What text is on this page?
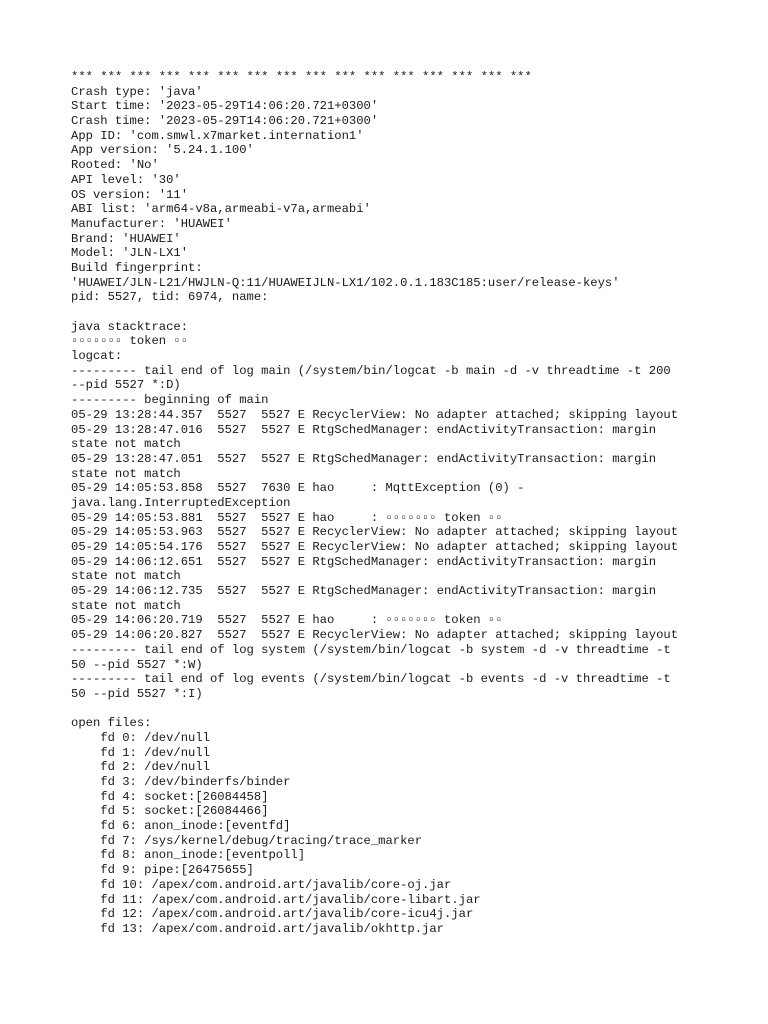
*** *** *** *** *** *** *** *** *** *** *** *** *** *** *** ***
Crash type: 'java'
Start time: '2023-05-29T14:06:20.721+0300'
Crash time: '2023-05-29T14:06:20.721+0300'
App ID: 'com.smwl.x7market.internation1'
App version: '5.24.1.100'
Rooted: 'No'
API level: '30'
OS version: '11'
ABI list: 'arm64-v8a,armeabi-v7a,armeabi'
Manufacturer: 'HUAWEI'
Brand: 'HUAWEI'
Model: 'JLN-LX1'
Build fingerprint:
'HUAWEI/JLN-L21/HWJLN-Q:11/HUAWEIJLN-LX1/102.0.1.183C185:user/release-keys'
pid: 5527, tid: 6974, name:
java stacktrace:
▫▫▫▫▫▫▫ token ▫▫
logcat:
--------- tail end of log main (/system/bin/logcat -b main -d -v threadtime -t 200
--pid 5527 *:D)
--------- beginning of main
05-29 13:28:44.357  5527  5527 E RecyclerView: No adapter attached; skipping layout
05-29 13:28:47.016  5527  5527 E RtgSchedManager: endActivityTransaction: margin
state not match
05-29 13:28:47.051  5527  5527 E RtgSchedManager: endActivityTransaction: margin
state not match
05-29 14:05:53.858  5527  7630 E hao     : MqttException (0) -
java.lang.InterruptedException
05-29 14:05:53.881  5527  5527 E hao     : ▫▫▫▫▫▫▫ token ▫▫
05-29 14:05:53.963  5527  5527 E RecyclerView: No adapter attached; skipping layout
05-29 14:05:54.176  5527  5527 E RecyclerView: No adapter attached; skipping layout
05-29 14:06:12.651  5527  5527 E RtgSchedManager: endActivityTransaction: margin
state not match
05-29 14:06:12.735  5527  5527 E RtgSchedManager: endActivityTransaction: margin
state not match
05-29 14:06:20.719  5527  5527 E hao     : ▫▫▫▫▫▫▫ token ▫▫
05-29 14:06:20.827  5527  5527 E RecyclerView: No adapter attached; skipping layout
--------- tail end of log system (/system/bin/logcat -b system -d -v threadtime -t
50 --pid 5527 *:W)
--------- tail end of log events (/system/bin/logcat -b events -d -v threadtime -t
50 --pid 5527 *:I)
open files:
fd 0: /dev/null
fd 1: /dev/null
fd 2: /dev/null
fd 3: /dev/binderfs/binder
fd 4: socket:[26084458]
fd 5: socket:[26084466]
fd 6: anon_inode:[eventfd]
fd 7: /sys/kernel/debug/tracing/trace_marker
fd 8: anon_inode:[eventpoll]
fd 9: pipe:[26475655]
fd 10: /apex/com.android.art/javalib/core-oj.jar
fd 11: /apex/com.android.art/javalib/core-libart.jar
fd 12: /apex/com.android.art/javalib/core-icu4j.jar
fd 13: /apex/com.android.art/javalib/okhttp.jar
